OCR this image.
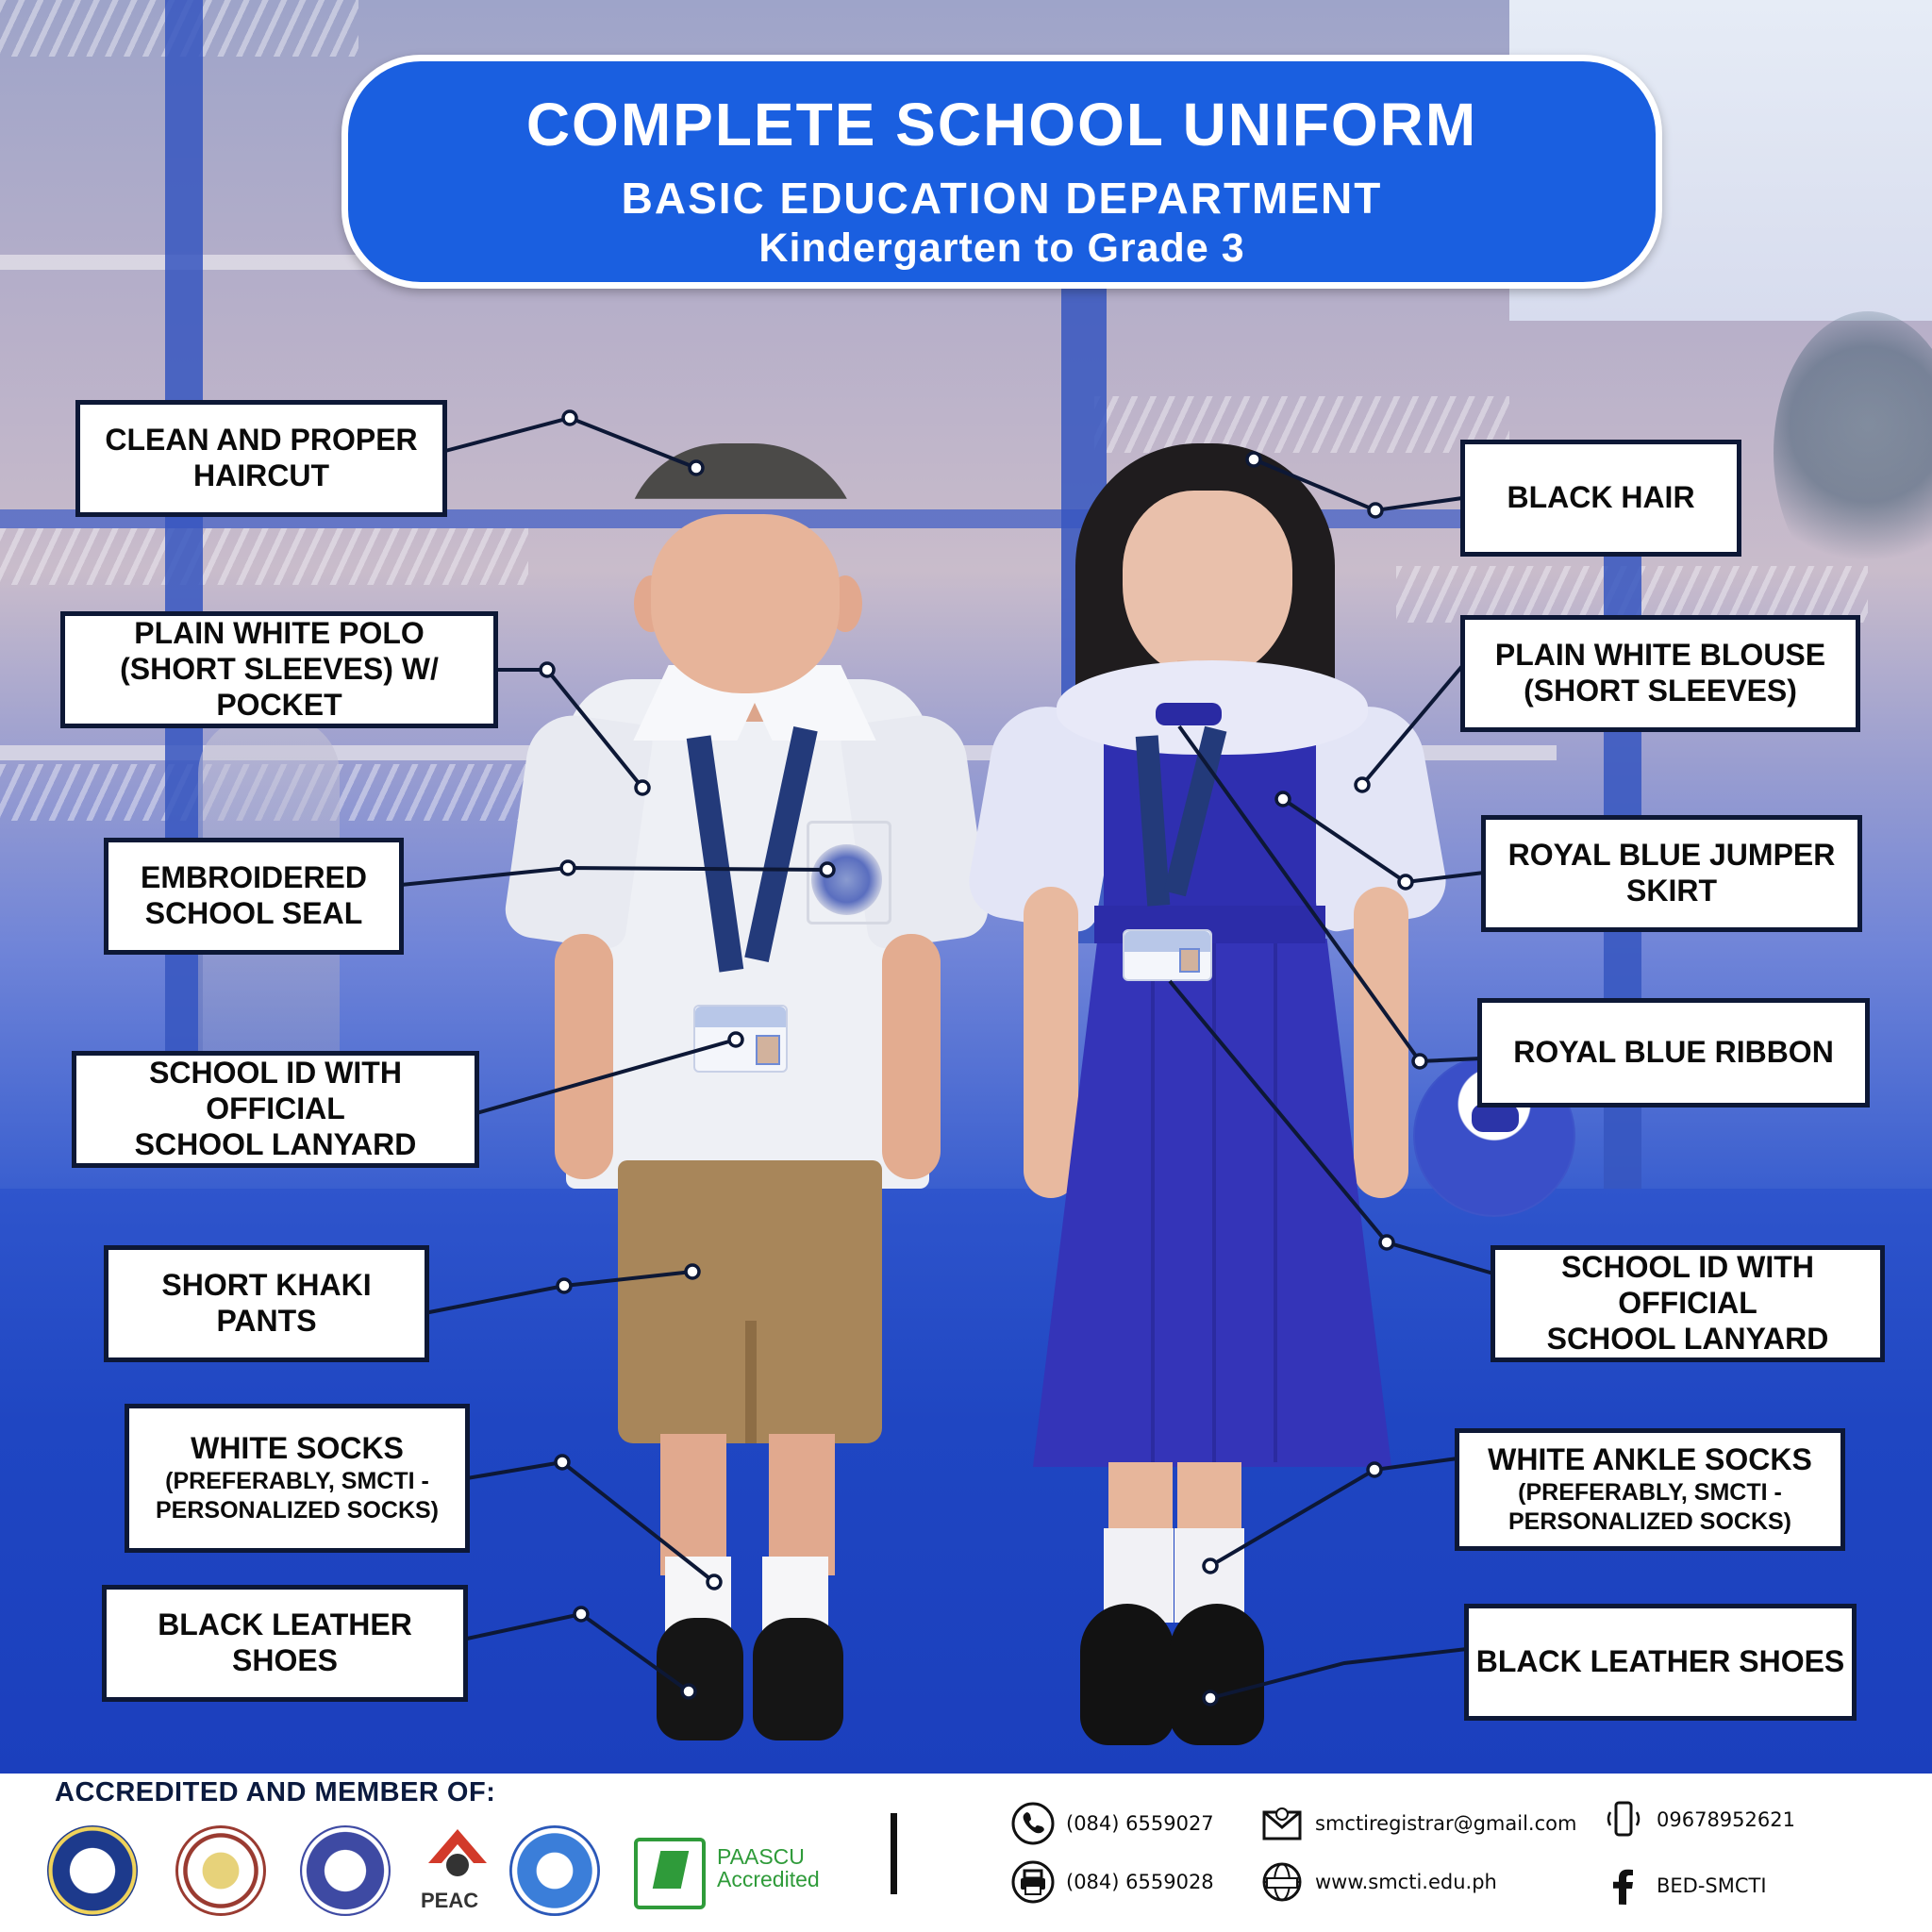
COMPLETE SCHOOL UNIFORM
BASIC EDUCATION DEPARTMENT
Kindergarten to Grade 3
CLEAN AND PROPER
HAIRCUT
PLAIN WHITE POLO
(SHORT SLEEVES) W/ POCKET
EMBROIDERED
SCHOOL SEAL
SCHOOL ID WITH OFFICIAL
SCHOOL LANYARD
SHORT KHAKI PANTS
WHITE SOCKS
(PREFERABLY, SMCTI -
PERSONALIZED SOCKS)
BLACK LEATHER SHOES
BLACK HAIR
PLAIN WHITE BLOUSE
(SHORT SLEEVES)
ROYAL BLUE JUMPER
SKIRT
ROYAL BLUE RIBBON
SCHOOL ID WITH OFFICIAL
SCHOOL LANYARD
WHITE ANKLE SOCKS
(PREFERABLY, SMCTI -
PERSONALIZED SOCKS)
BLACK LEATHER SHOES
ACCREDITED AND MEMBER OF:
PEAC
PAASCU
Accredited
(084) 6559027
(084) 6559028
smctiregistrar@gmail.com
www.smcti.edu.ph
09678952621
BED-SMCTI
